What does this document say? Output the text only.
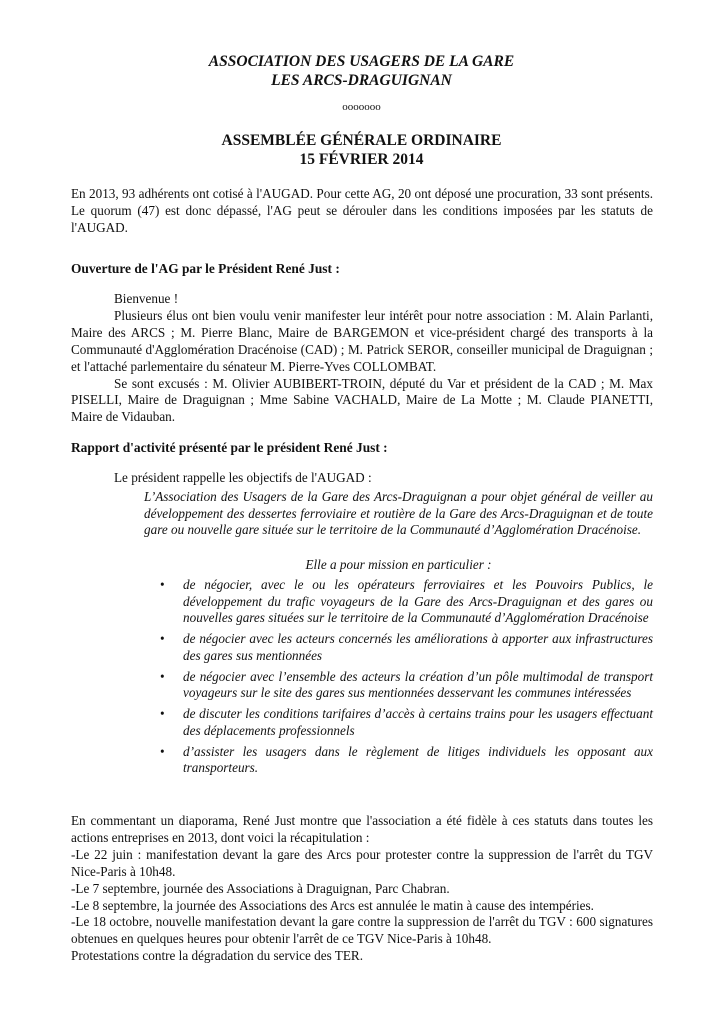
ASSOCIATION DES USAGERS DE LA GARE

LES ARCS-DRAGUIGNAN

ooooooo
ASSEMBLÉE GÉNÉRALE ORDINAIRE
15 FÉVRIER 2014
En 2013, 93 adhérents ont cotisé à l'AUGAD. Pour cette AG, 20 ont déposé une procuration, 33 sont présents. Le quorum (47) est donc dépassé, l'AG peut se dérouler dans les conditions imposées par les statuts de l'AUGAD.
Ouverture de l'AG par le Président René Just :

Bienvenue !

Plusieurs élus ont bien voulu venir manifester leur intérêt pour notre association : M. Alain Parlanti, Maire des ARCS ; M. Pierre Blanc, Maire de BARGEMON et vice-président chargé des transports à la Communauté d'Agglomération Dracénoise (CAD) ; M. Patrick SEROR, conseiller municipal de Draguignan ; et l'attaché parlementaire du sénateur M. Pierre-Yves COLLOMBAT.

Se sont excusés : M. Olivier AUBIBERT-TROIN, député du Var et président de la CAD ; M. Max PISELLI, Maire de Draguignan ; Mme Sabine VACHALD, Maire de La Motte ; M. Claude PIANETTI, Maire de Vidauban.

Rapport d'activité présenté par le président René Just :
Le président rappelle les objectifs de l'AUGAD :
L’Association des Usagers de la Gare des Arcs-Draguignan a pour objet général de veiller au développement des dessertes ferroviaire et routière de la Gare des Arcs-Draguignan et de toute gare ou nouvelle gare située sur le territoire de la Communauté d’Agglomération Dracénoise.
Elle a pour mission en particulier :
• de négocier, avec le ou les opérateurs ferroviaires et les Pouvoirs Publics, le développement du trafic voyageurs de la Gare des Arcs-Draguignan et des gares ou nouvelles gares situées sur le territoire de la Communauté d’Agglomération Dracénoise
• de négocier avec les acteurs concernés les améliorations à apporter aux infrastructures des gares sus mentionnées
• de négocier avec l’ensemble des acteurs la création d’un pôle multimodal de transport voyageurs sur le site des gares sus mentionnées desservant les communes intéressées
• de discuter les conditions tarifaires d’accès à certains trains pour les usagers effectuant des déplacements professionnels
• d’assister les usagers dans le règlement de litiges individuels les opposant aux transporteurs.

En commentant un diaporama, René Just montre que l'association a été fidèle à ces statuts dans toutes les actions entreprises en 2013, dont voici la récapitulation :

-Le 22 juin : manifestation devant la gare des Arcs pour protester contre la suppression de l'arrêt du TGV Nice-Paris à 10h48.

-Le 7 septembre, journée des Associations à Draguignan, Parc Chabran.

-Le 8 septembre, la journée des Associations des Arcs est annulée le matin à cause des intempéries.

-Le 18 octobre, nouvelle manifestation devant la gare contre la suppression de l'arrêt du TGV : 600 signatures obtenues en quelques heures pour obtenir l'arrêt de ce TGV Nice-Paris à 10h48.

Protestations contre la dégradation du service des TER.
